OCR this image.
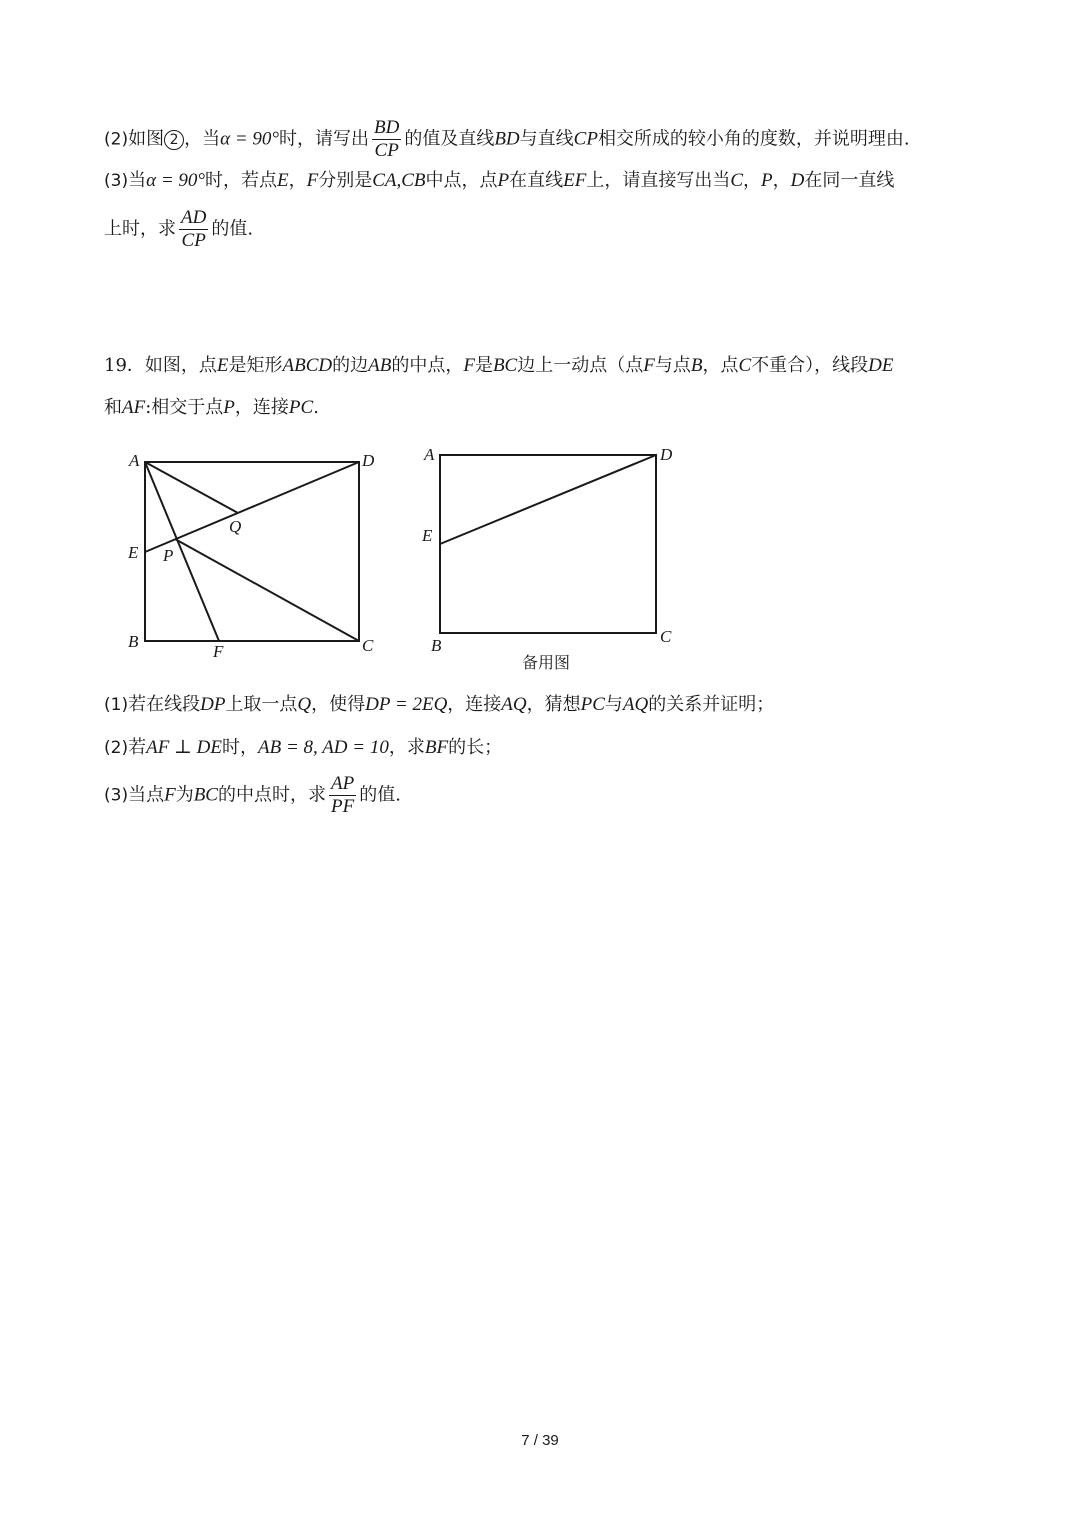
(2)如图 2 ，当α = 90°时，请写出 $\frac{BD}{CP}$ 的值及直线BD与直线CP相交所成的较小角的度数，并说明理由.
(3)当α = 90°时，若点E，F分别是CA,CB中点，点P在直线EF上，请直接写出当C，P，D在同一直线
上时，求 $\frac{AD}{CP}$ 的值.
19．如图，点E是矩形ABCD的边AB的中点，F是BC边上一动点（点F与点B，点C不重合），线段DE
和AF:相交于点P，连接PC.
A	D
Q
E P
B
F	C
A	D
E
B	C
备用图
(1)若在线段DP上取一点Q，使得DP = 2EQ，连接AQ，猜想PC与AQ的关系并证明；
(2)若AF ⊥ DE时，AB = 8, AD = 10，求BF的长；
(3)当点F为BC的中点时，求 $\frac{AP}{PF}$ 的值.
7 / 39
